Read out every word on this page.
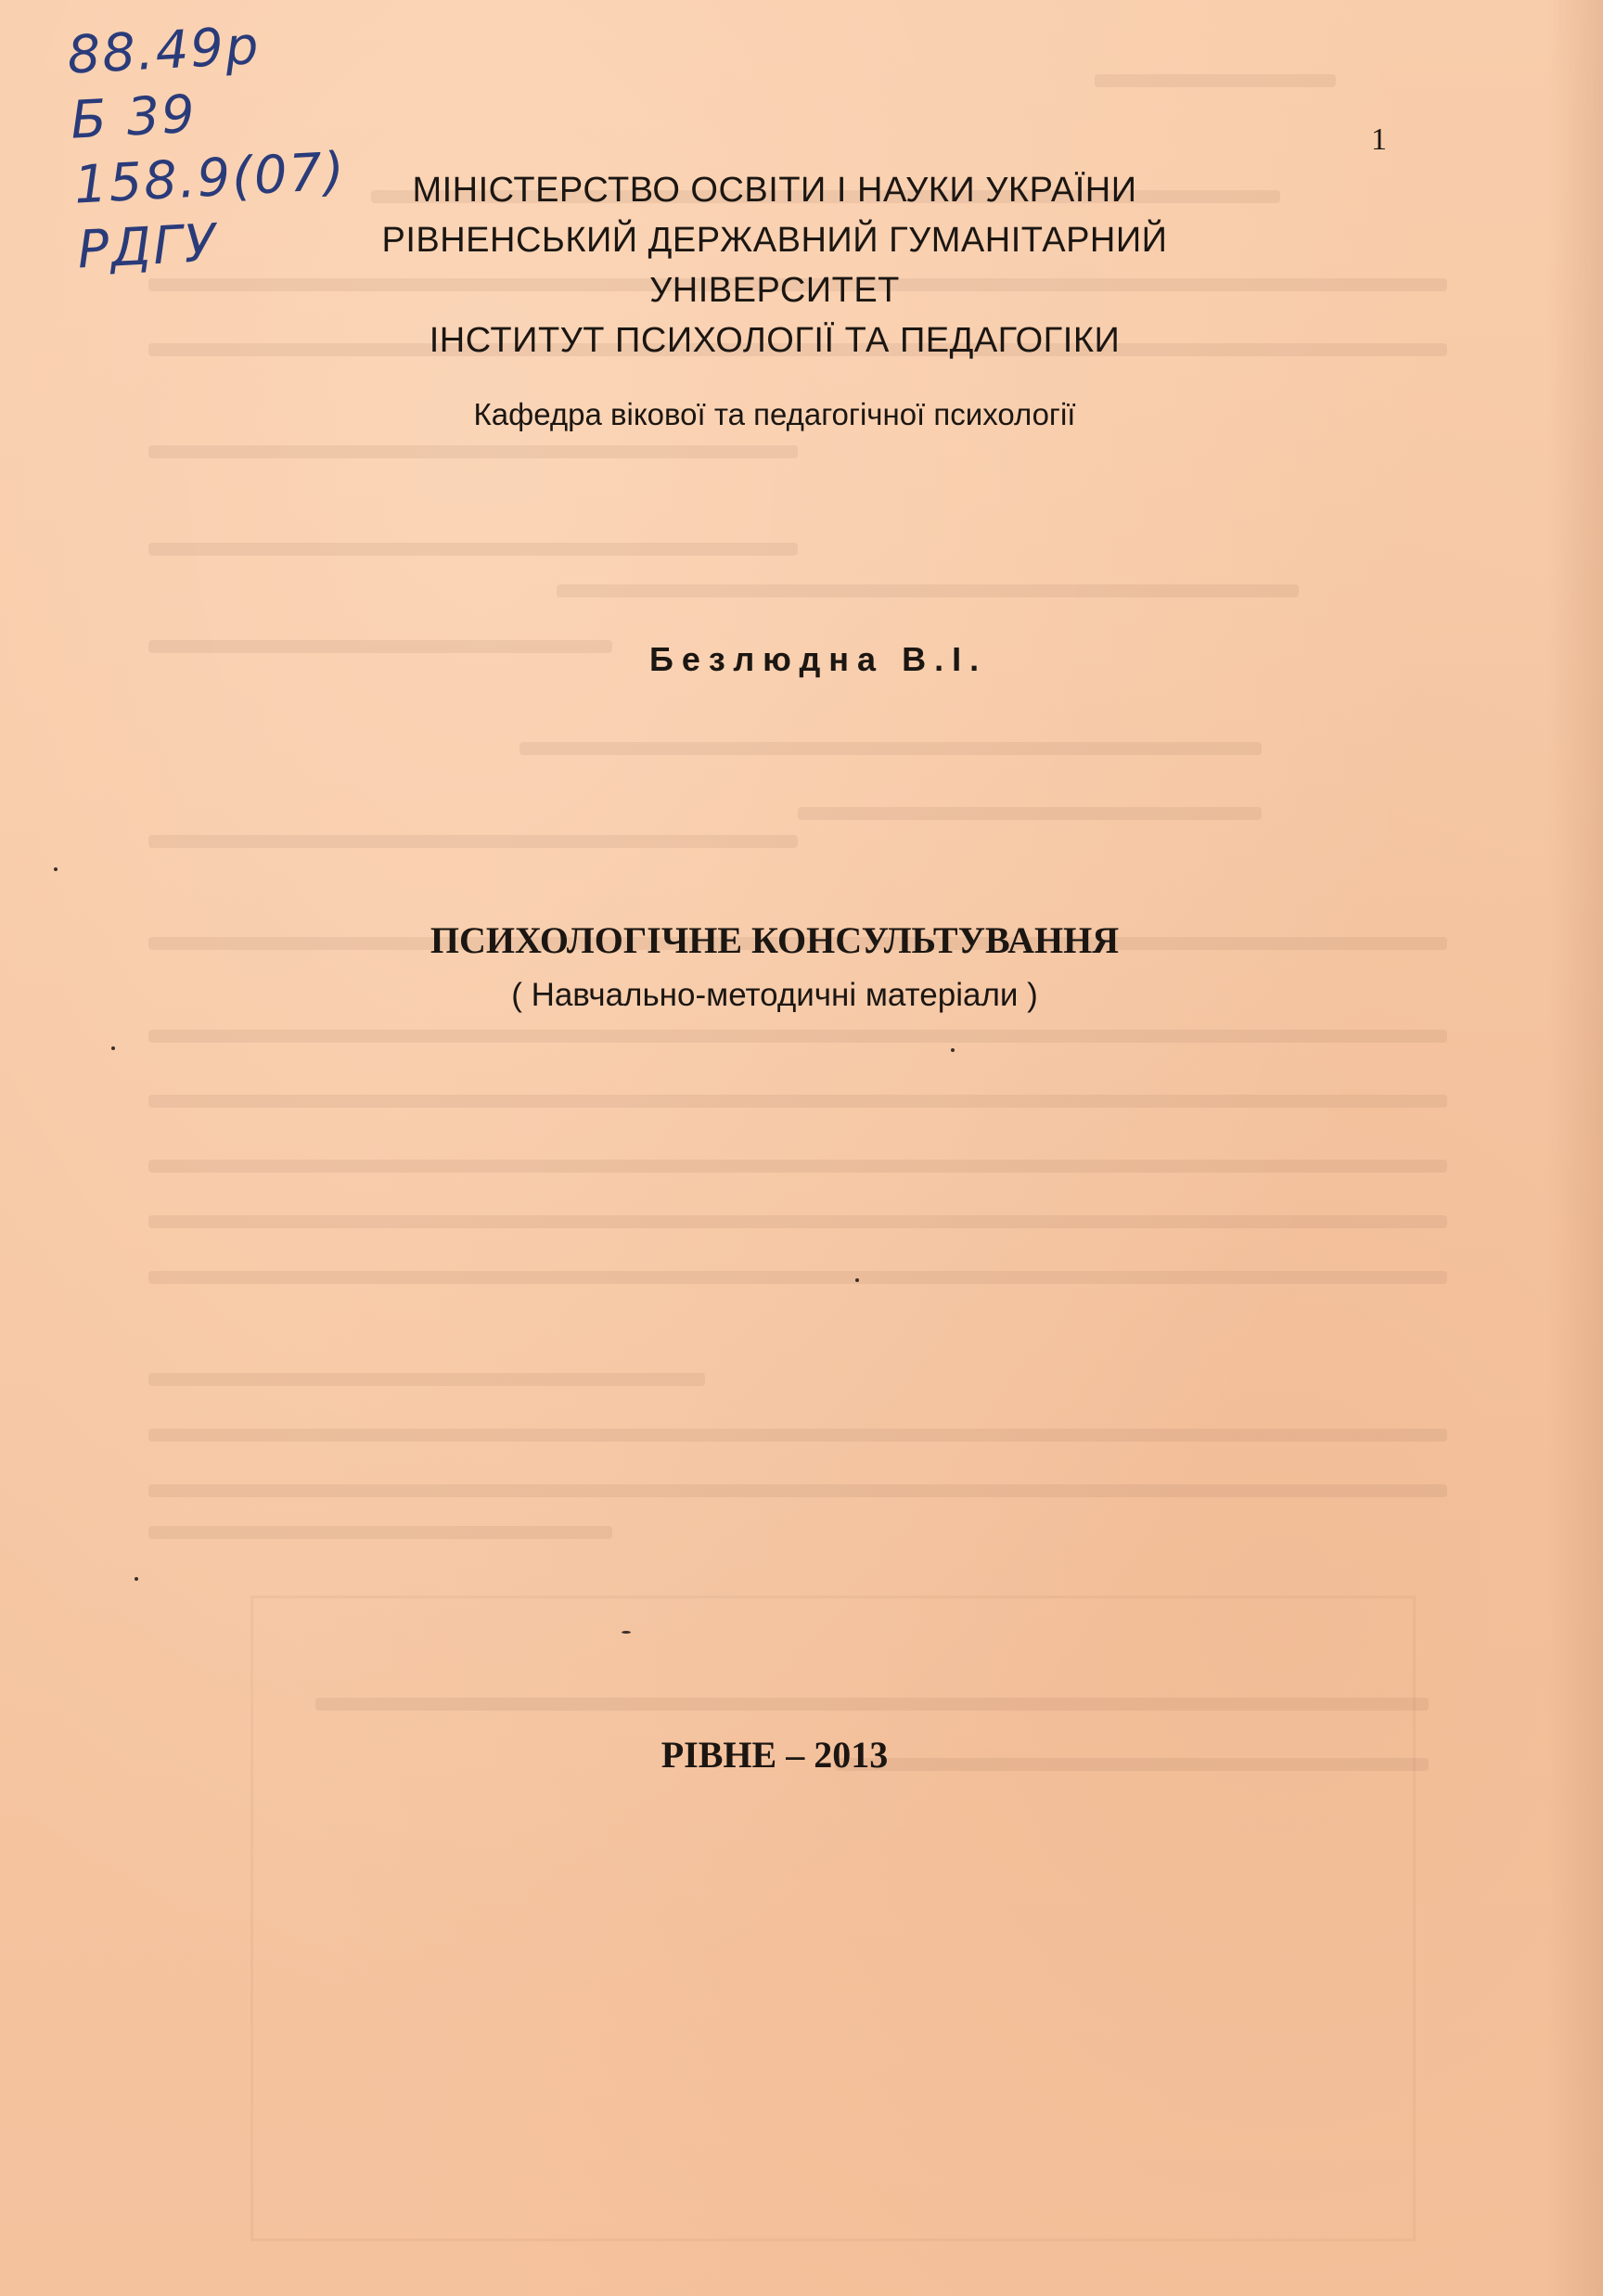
88.49р
Б 39
158.9(07)
РДГУ
1
МІНІСТЕРСТВО ОСВІТИ І НАУКИ УКРАЇНИ
РІВНЕНСЬКИЙ ДЕРЖАВНИЙ ГУМАНІТАРНИЙ
УНІВЕРСИТЕТ
ІНСТИТУТ ПСИХОЛОГІЇ ТА ПЕДАГОГІКИ
Кафедра вікової та педагогічної психології
Безлюдна В.І.
ПСИХОЛОГІЧНЕ КОНСУЛЬТУВАННЯ
( Навчально-методичні матеріали )
РІВНЕ – 2013
